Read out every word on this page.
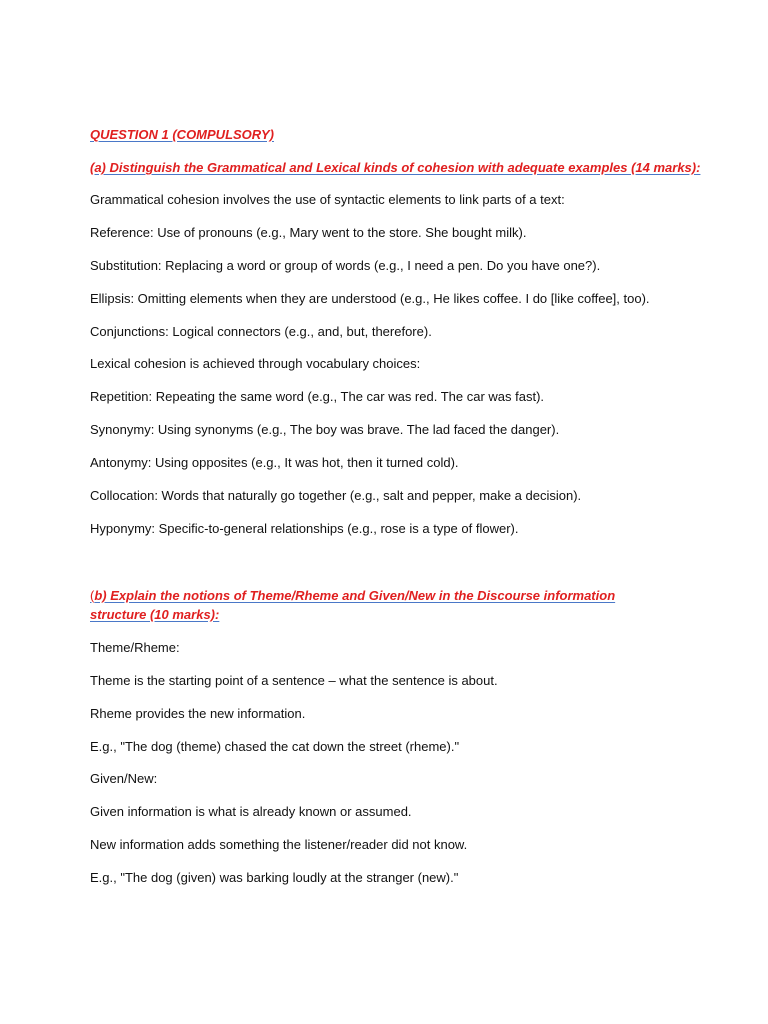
QUESTION 1 (COMPULSORY)
(a) Distinguish the Grammatical and Lexical kinds of cohesion with adequate examples (14 marks):
Grammatical cohesion involves the use of syntactic elements to link parts of a text:
Reference: Use of pronouns (e.g., Mary went to the store. She bought milk).
Substitution: Replacing a word or group of words (e.g., I need a pen. Do you have one?).
Ellipsis: Omitting elements when they are understood (e.g., He likes coffee. I do [like coffee], too).
Conjunctions: Logical connectors (e.g., and, but, therefore).
Lexical cohesion is achieved through vocabulary choices:
Repetition: Repeating the same word (e.g., The car was red. The car was fast).
Synonymy: Using synonyms (e.g., The boy was brave. The lad faced the danger).
Antonymy: Using opposites (e.g., It was hot, then it turned cold).
Collocation: Words that naturally go together (e.g., salt and pepper, make a decision).
Hyponymy: Specific-to-general relationships (e.g., rose is a type of flower).
(b) Explain the notions of Theme/Rheme and Given/New in the Discourse information structure (10 marks):
Theme/Rheme:
Theme is the starting point of a sentence – what the sentence is about.
Rheme provides the new information.
E.g., "The dog (theme) chased the cat down the street (rheme)."
Given/New:
Given information is what is already known or assumed.
New information adds something the listener/reader did not know.
E.g., "The dog (given) was barking loudly at the stranger (new)."
